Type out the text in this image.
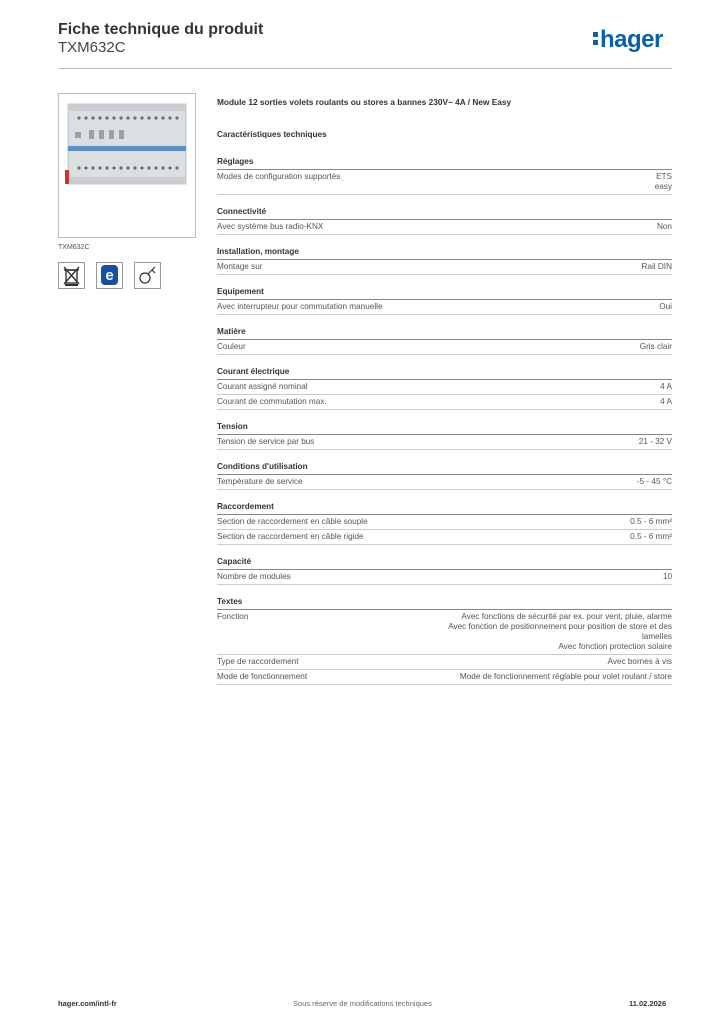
Fiche technique du produit
TXM632C	hager
TXM632C
e
Module 12 sorties volets roulants ou stores a bannes 230V~ 4A / New Easy
Caractéristiques techniques
Réglages
Modes de configuration supportés	ETS
easy
Connectivité
Avec système bus radio-KNX	Non
Installation, montage
Montage sur	Rail DIN
Equipement
Avec interrupteur pour commutation manuelle	Oui
Matière
Couleur	Gris clair
Courant électrique
Courant assigné nominal	4 A
Courant de commutation max.	4 A
Tension
Tension de service par bus	21 - 32 V
Conditions d'utilisation
Température de service	-5 - 45 °C
Raccordement
Section de raccordement en câble souple	0.5 - 6 mm²
Section de raccordement en câble rigide	0.5 - 6 mm²
Capacité
Nombre de modules	10
Textes
Fonction	Avec fonctions de sécurité par ex. pour vent, pluie, alarme
Avec fonction de positionnement pour position de store et des lamelles
Avec fonction protection solaire
Type de raccordement	Avec bornes à vis
Mode de fonctionnement	Mode de fonctionnement réglable pour volet roulant / store
hager.com/intl-fr	Sous réserve de modifications techniques	11.02.2026
